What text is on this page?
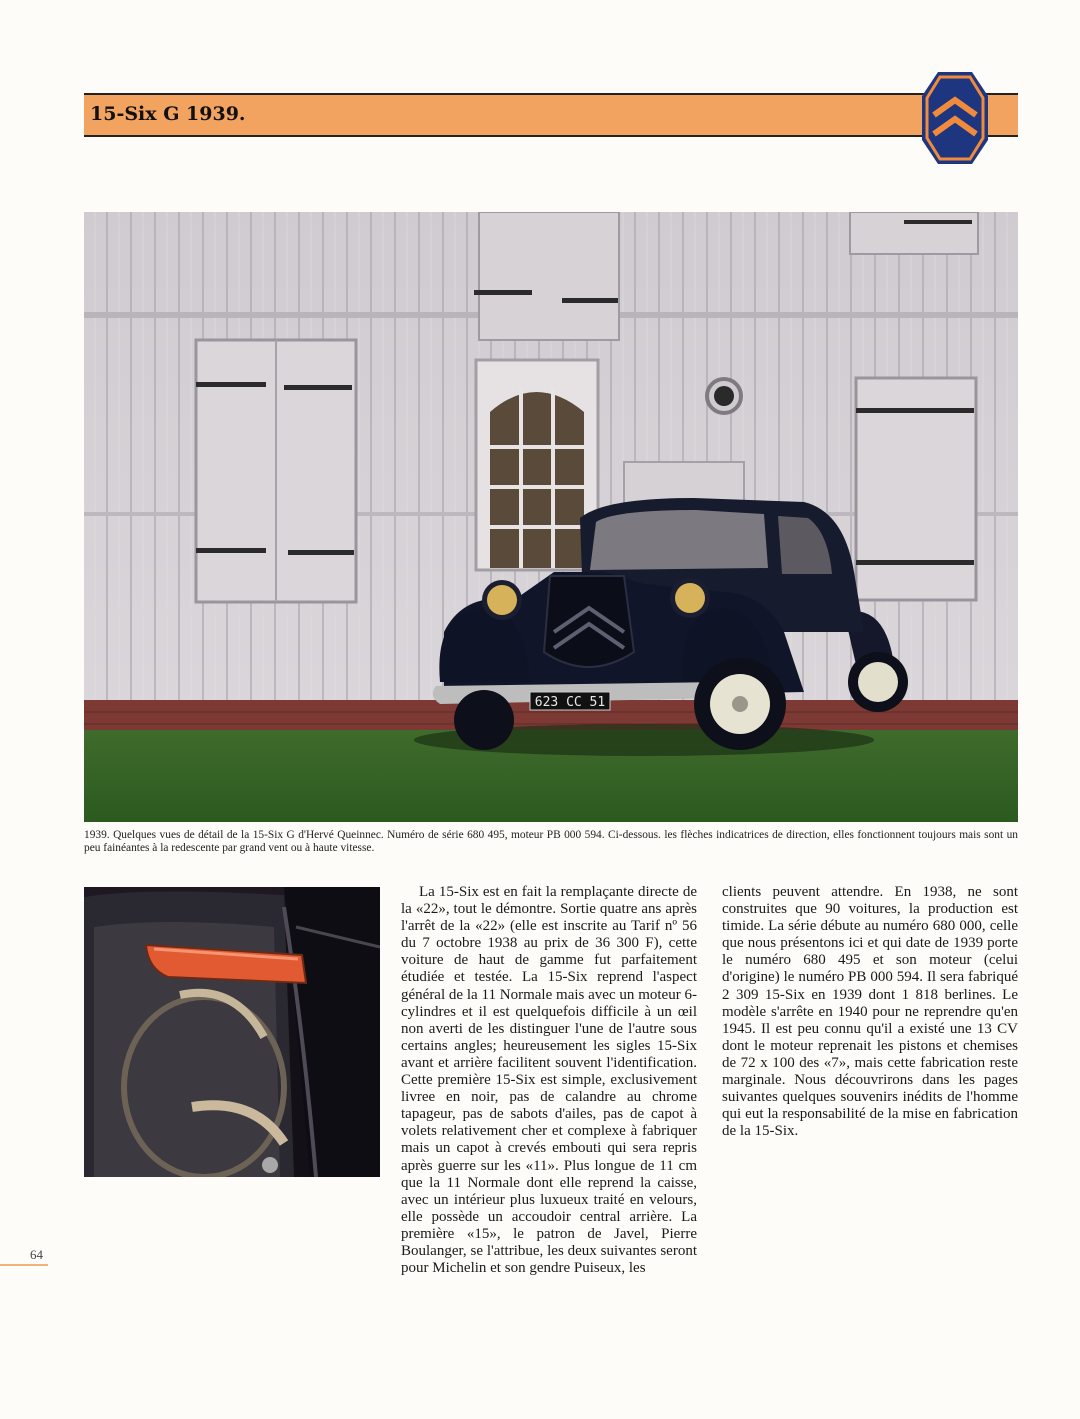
15-Six G 1939.
623 CC 51
1939. Quelques vues de détail de la 15-Six G d'Hervé Queinnec. Numéro de série 680 495, moteur PB 000 594. Ci-dessous. les flèches indicatrices de direction, elles fonctionnent toujours mais sont un peu fainéantes à la redescente par grand vent ou à haute vitesse.

La 15-Six est en fait la remplaçante directe de la «22», tout le démontre. Sortie quatre ans après l'arrêt de la «22» (elle est inscrite au Tarif nº 56 du 7 octobre 1938 au prix de 36 300 F), cette voiture de haut de gamme fut parfaitement étudiée et testée. La 15-Six reprend l'aspect général de la 11 Normale mais avec un moteur 6-cylindres et il est quelquefois difficile à un œil non averti de les distinguer l'une de l'autre sous certains angles; heureusement les sigles 15-Six avant et arrière facilitent souvent l'identification. Cette première 15-Six est simple, exclusivement livree en noir, pas de calandre au chrome tapageur, pas de sabots d'ailes, pas de capot à volets relativement cher et complexe à fabriquer mais un capot à crevés embouti qui sera repris après guerre sur les «11». Plus longue de 11 cm que la 11 Normale dont elle reprend la caisse, avec un intérieur plus luxueux traité en velours, elle possède un accoudoir central arrière. La première «15», le patron de Javel, Pierre Boulanger, se l'attribue, les deux suivantes seront pour Michelin et son gendre Puiseux, les

clients peuvent attendre. En 1938, ne sont construites que 90 voitures, la production est timide. La série débute au numéro 680 000, celle que nous présentons ici et qui date de 1939 porte le numéro 680 495 et son moteur (celui d'origine) le numéro PB 000 594. Il sera fabriqué 2 309 15-Six en 1939 dont 1 818 berlines. Le modèle s'arrête en 1940 pour ne reprendre qu'en 1945. Il est peu connu qu'il a existé une 13 CV dont le moteur reprenait les pistons et chemises de 72 x 100 des «7», mais cette fabrication reste marginale. Nous découvrirons dans les pages suivantes quelques souvenirs inédits de l'homme qui eut la responsabilité de la mise en fabrication de la 15-Six.

64
